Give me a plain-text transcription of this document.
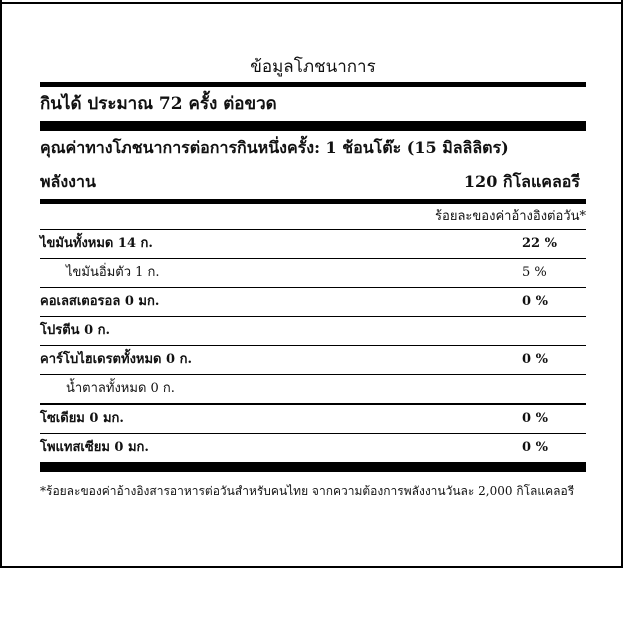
ข้อมูลโภชนาการ
กินได้ ประมาณ 72 ครั้ง ต่อขวด
คุณค่าทางโภชนาการต่อการกินหนึ่งครั้ง: 1 ช้อนโต๊ะ (15 มิลลิลิตร)
พลังงาน	120 กิโลแคลอรี
ร้อยละของค่าอ้างอิงต่อวัน*
ไขมันทั้งหมด 14 ก.	22 %
ไขมันอิ่มตัว 1 ก.	5 %
คอเลสเตอรอล 0 มก.	0 %
โปรตีน 0 ก.
คาร์โบไฮเดรตทั้งหมด 0 ก.	0 %
น้ำตาลทั้งหมด 0 ก.
โซเดียม 0 มก.	0 %
โพแทสเซียม 0 มก.	0 %
*ร้อยละของค่าอ้างอิงสารอาหารต่อวันสำหรับคนไทย จากความต้องการพลังงานวันละ 2,000 กิโลแคลอรี
